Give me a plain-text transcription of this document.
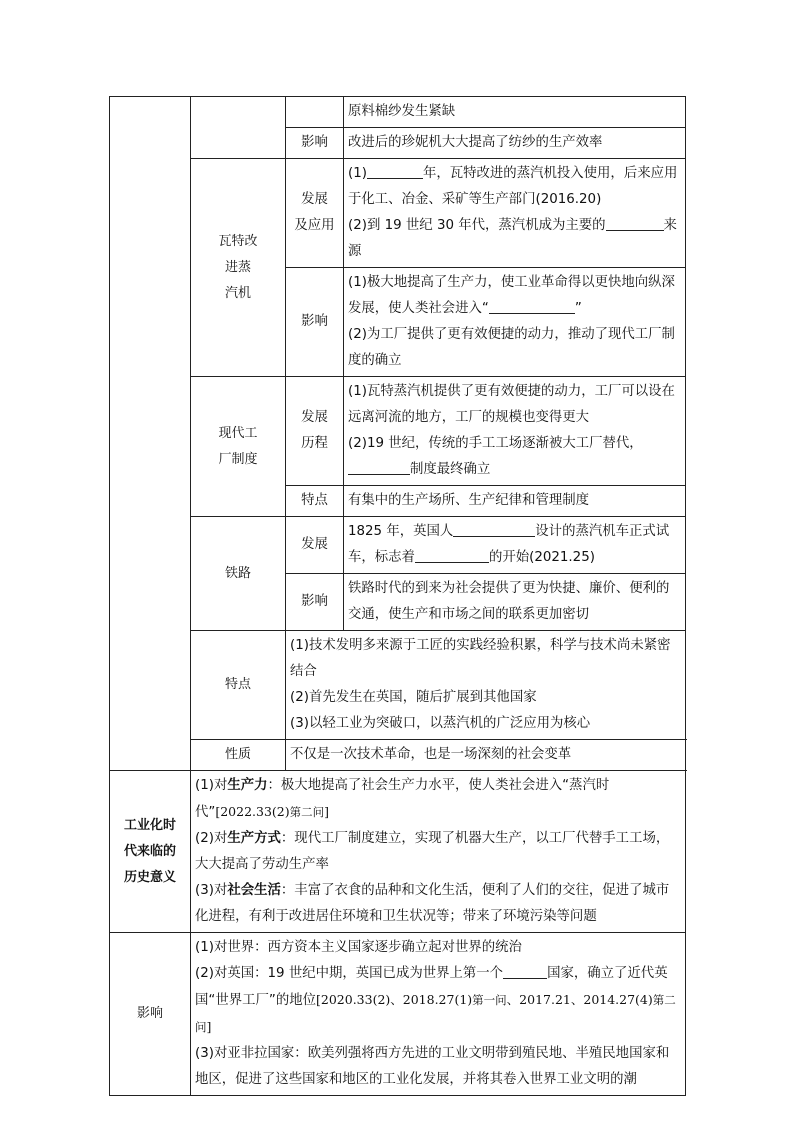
			原料棉纱发生紧缺
		影响	改进后的珍妮机大大提高了纺纱的生产效率

	瓦特改
进蒸
汽机	发展
及应用	(1) 年，瓦特改进的蒸汽机投入使用，后来应用于化工、冶金、采矿等生产部门(2016.20)
(2)到 19 世纪 30 年代，蒸汽机成为主要的 来源

		影响	(1)极大地提高了生产力，使工业革命得以更快地向纵深发展，使人类社会进入“ ”
(2)为工厂提供了更有效便捷的动力，推动了现代工厂制度的确立

	现代工
厂制度	发展
历程	(1)瓦特蒸汽机提供了更有效便捷的动力，工厂可以设在远离河流的地方，工厂的规模也变得更大
(2)19 世纪，传统的手工工场逐渐被大工厂替代，制度最终确立

		特点	有集中的生产场所、生产纪律和管理制度
	铁路	发展	1825 年，英国人 设计的蒸汽机车正式试车，标志着 的开始(2021.25)
		影响	铁路时代的到来为社会提供了更为快捷、廉价、便利的交通，使生产和市场之间的联系更加密切
	特点	(1)技术发明多来源于工匠的实践经验积累，科学与技术尚未紧密结合
(2)首先发生在英国，随后扩展到其他国家
(3)以轻工业为突破口，以蒸汽机的广泛应用为核心	

	性质	不仅是一次技术革命，也是一场深刻的社会变革	

工业化时
代来临的
历史意义	(1)对生产力：极大地提高了社会生产力水平，使人类社会进入“蒸汽时代”[2022.33(2)第二问]
(2)对生产方式：现代工厂制度建立，实现了机器大生产，以工厂代替手工工场，大大提高了劳动生产率
(3)对社会生活：丰富了衣食的品种和文化生活，便利了人们的交往，促进了城市化进程，有利于改进居住环境和卫生状况等；带来了环境污染等问题		

影响	(1)对世界：西方资本主义国家逐步确立起对世界的统治
(2)对英国：19 世纪中期，英国已成为世界上第一个 国家，确立了近代英国“世界工厂”的地位[2020.33(2)、2018.27(1)第一问、2017.21、2014.27(4)第二问]
(3)对亚非拉国家：欧美列强将西方先进的工业文明带到殖民地、半殖民地国家和地区，促进了这些国家和地区的工业化发展，并将其卷入世界工业文明的潮		
